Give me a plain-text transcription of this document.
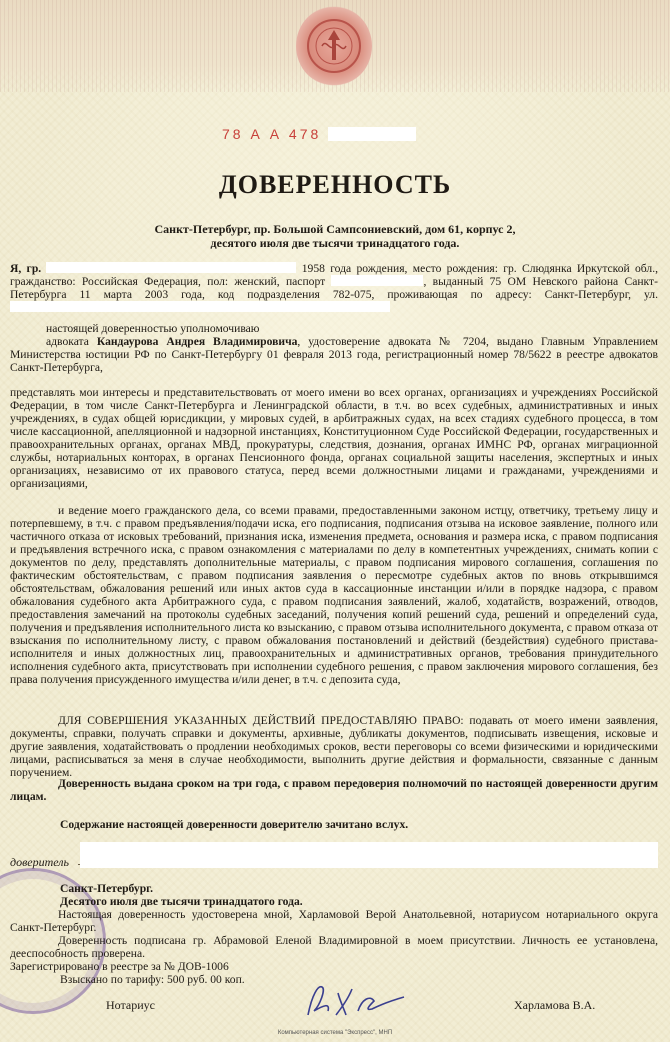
78 А А 478
ДОВЕРЕННОСТЬ
Санкт-Петербург, пр. Большой Сампсониевский, дом 61, корпус 2,
десятого июля две тысячи тринадцатого года.
Я, гр.	1958 года рождения, место рождения: гр. Слюдянка Иркутской обл., гражданство: Российская Федерация, пол: женский, паспорт	, выданный 75 ОМ Невского района Санкт-Петербурга 11 марта 2003 года, код подразделения 782-075, проживающая по адресу: Санкт-Петербург, ул.
настоящей доверенностью уполномочиваю
адвоката Кандаурова Андрея Владимировича, удостоверение адвоката № 7204, выдано Главным Управлением Министерства юстиции РФ по Санкт-Петербургу 01 февраля 2013 года, регистрационный номер 78/5622 в реестре адвокатов Санкт-Петербурга,
представлять мои интересы и представительствовать от моего имени во всех органах, организациях и учреждениях Российской Федерации, в том числе Санкт-Петербурга и Ленинградской области, в т.ч. во всех судебных, административных и иных учреждениях, в судах общей юрисдикции, у мировых судей, в арбитражных судах, на всех стадиях судебного процесса, в том числе кассационной, апелляционной и надзорной инстанциях, Конституционном Суде Российской Федерации, государственных и правоохранительных органах, органах МВД, прокуратуры, следствия, дознания, органах ИМНС РФ, органах миграционной службы, нотариальных конторах, в органах Пенсионного фонда, органах социальной защиты населения, экспертных и иных организациях, независимо от их правового статуса, перед всеми должностными лицами и гражданами, учреждениями и организациями,
и ведение моего гражданского дела, со всеми правами, предоставленными законом истцу, ответчику, третьему лицу и потерпевшему, в т.ч. с правом предъявления/подачи иска, его подписания, подписания отзыва на исковое заявление, полного или частичного отказа от исковых требований, признания иска, изменения предмета, основания и размера иска, с правом подписания и предъявления встречного иска, с правом ознакомления с материалами по делу в компетентных учреждениях, снимать копии с документов по делу, представлять дополнительные материалы, с правом подписания мирового соглашения, соглашения по фактическим обстоятельствам, с правом подписания заявления о пересмотре судебных актов по вновь открывшимся обстоятельствам, обжалования решений или иных актов суда в кассационные инстанции и/или в порядке надзора, с правом обжалования судебного акта Арбитражного суда, с правом подписания заявлений, жалоб, ходатайств, возражений, отводов, предоставления замечаний на протоколы судебных заседаний, получения копий решений суда, решений и определений суда, получения и предъявления исполнительного листа ко взысканию, с правом отзыва исполнительного документа, с правом отказа от взыскания по исполнительному листу, с правом обжалования постановлений и действий (бездействия) судебного пристава-исполнителя и иных должностных лиц, правоохранительных и административных органов, требования принудительного исполнения судебного акта, присутствовать при исполнении судебного решения, с правом заключения мирового соглашения, без права получения присужденного имущества и/или денег, в т.ч. с депозита суда,
ДЛЯ СОВЕРШЕНИЯ УКАЗАННЫХ ДЕЙСТВИЙ ПРЕДОСТАВЛЯЮ ПРАВО: подавать от моего имени заявления, документы, справки, получать справки и документы, архивные, дубликаты документов, подписывать извещения, исковые и другие заявления, ходатайствовать о продлении необходимых сроков, вести переговоры со всеми физическими и юридическими лицами, расписываться за меня в случае необходимости, выполнить другие действия и формальности, связанные с данным поручением.
Доверенность выдана сроком на три года, с правом передоверия полномочий по настоящей доверенности другим лицам.
Содержание настоящей доверенности доверителю зачитано вслух.
доверитель
Санкт-Петербург.
Десятого июля две тысячи тринадцатого года.
Настоящая доверенность удостоверена мной, Харламовой Верой Анатольевной, нотариусом нотариального округа Санкт-Петербург.
Доверенность подписана гр. Абрамовой Еленой Владимировной в моем присутствии. Личность ее установлена, дееспособность проверена.
Зарегистрировано в реестре за № ДОВ-1006
Взыскано по тарифу: 500 руб. 00 коп.
Нотариус	Харламова В.А.
Компьютерная система "Экспресс", МНП
